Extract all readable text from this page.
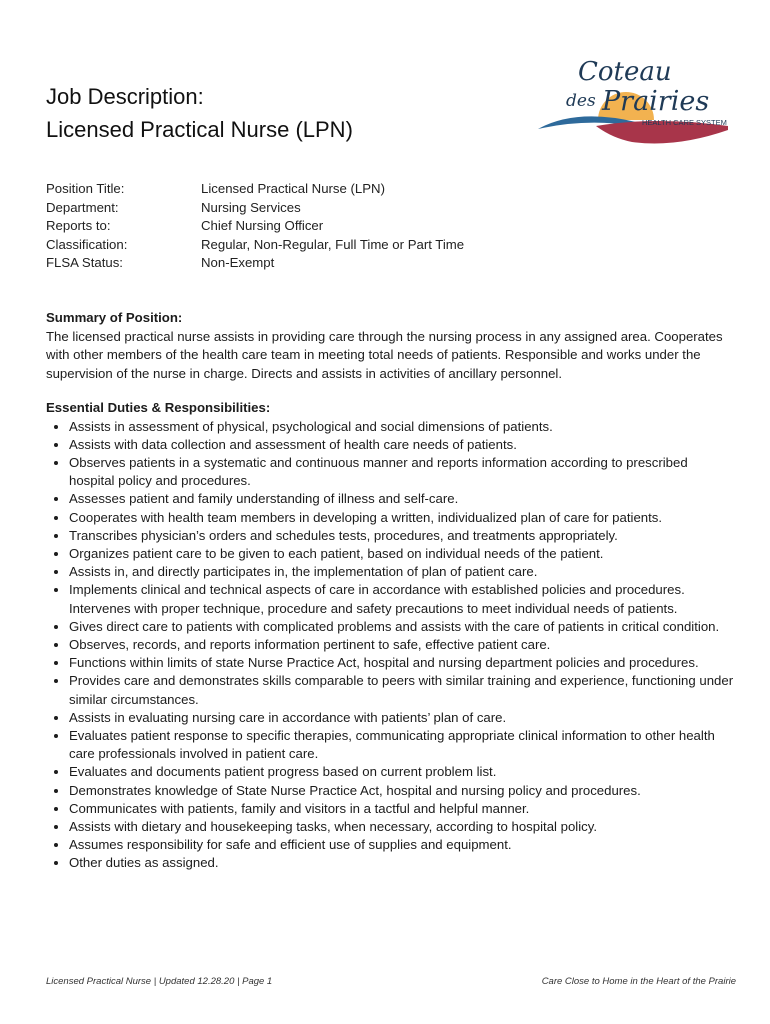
Job Description:
Licensed Practical Nurse (LPN)
Coteau
des Prairies
HEALTH CARE SYSTEM
Position Title:	Licensed Practical Nurse (LPN)
Department:	Nursing Services
Reports to:	Chief Nursing Officer
Classification:	Regular, Non-Regular, Full Time or Part Time
FLSA Status:	Non-Exempt
Summary of Position:

The licensed practical nurse assists in providing care through the nursing process in any assigned area. Cooperates with other members of the health care team in meeting total needs of patients. Responsible and works under the supervision of the nurse in charge. Directs and assists in activities of ancillary personnel.

Essential Duties & Responsibilities:
Assists in assessment of physical, psychological and social dimensions of patients.
Assists with data collection and assessment of health care needs of patients.
Observes patients in a systematic and continuous manner and reports information according to prescribed hospital policy and procedures.
Assesses patient and family understanding of illness and self-care.
Cooperates with health team members in developing a written, individualized plan of care for patients.
Transcribes physician’s orders and schedules tests, procedures, and treatments appropriately.
Organizes patient care to be given to each patient, based on individual needs of the patient.
Assists in, and directly participates in, the implementation of plan of patient care.
Implements clinical and technical aspects of care in accordance with established policies and procedures. Intervenes with proper technique, procedure and safety precautions to meet individual needs of patients.
Gives direct care to patients with complicated problems and assists with the care of patients in critical condition.
Observes, records, and reports information pertinent to safe, effective patient care.
Functions within limits of state Nurse Practice Act, hospital and nursing department policies and procedures.
Provides care and demonstrates skills comparable to peers with similar training and experience, functioning under similar circumstances.
Assists in evaluating nursing care in accordance with patients’ plan of care.
Evaluates patient response to specific therapies, communicating appropriate clinical information to other health care professionals involved in patient care.
Evaluates and documents patient progress based on current problem list.
Demonstrates knowledge of State Nurse Practice Act, hospital and nursing policy and procedures.
Communicates with patients, family and visitors in a tactful and helpful manner.
Assists with dietary and housekeeping tasks, when necessary, according to hospital policy.
Assumes responsibility for safe and efficient use of supplies and equipment.
Other duties as assigned.
Licensed Practical Nurse | Updated 12.28.20 | Page 1	Care Close to Home in the Heart of the Prairie
